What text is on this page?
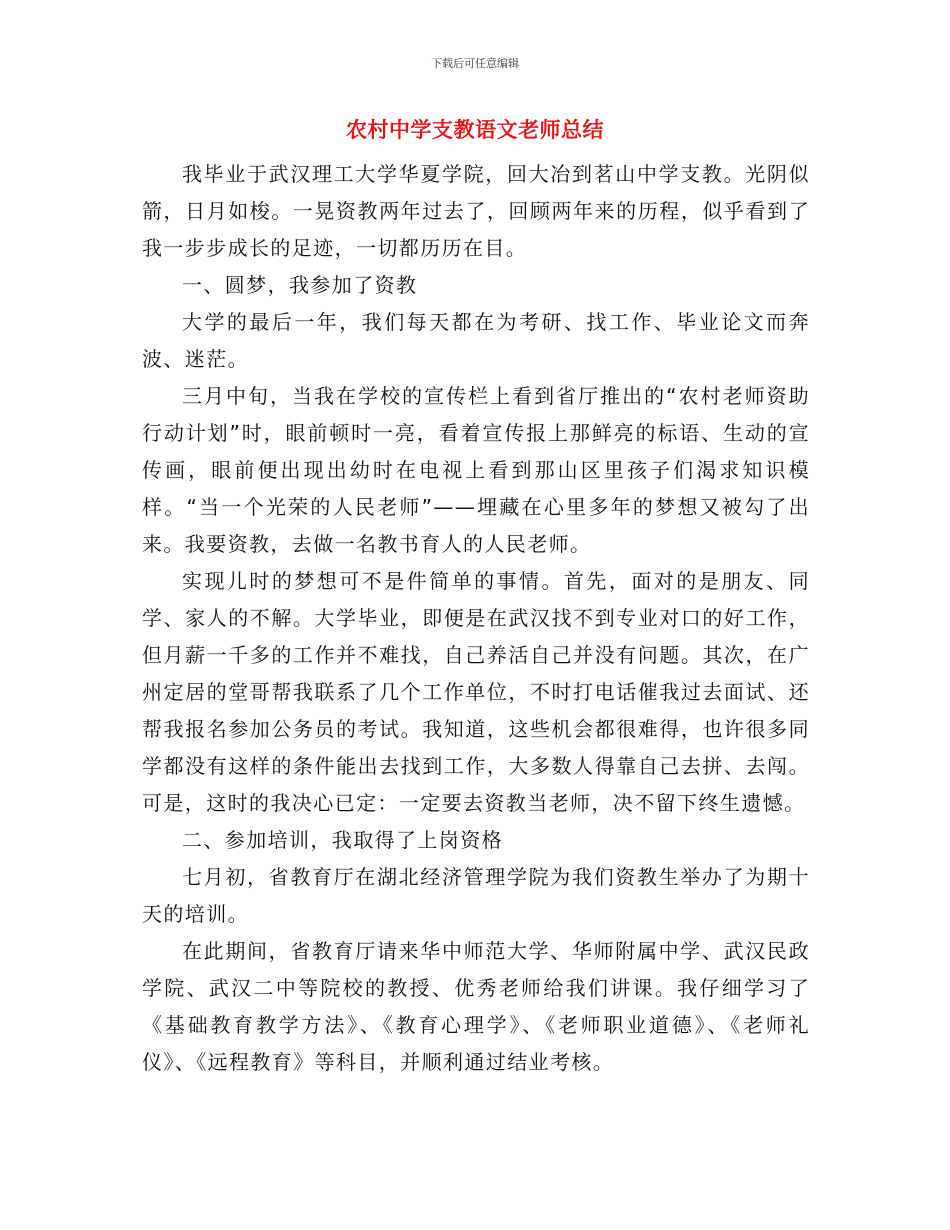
下载后可任意编辑
农村中学支教语文老师总结

我毕业于武汉理工大学华夏学院，回大冶到茗山中学支教。光阴似箭，日月如梭。一晃资教两年过去了，回顾两年来的历程，似乎看到了我一步步成长的足迹，一切都历历在目。

一、圆梦，我参加了资教

大学的最后一年，我们每天都在为考研、找工作、毕业论文而奔波、迷茫。

三月中旬，当我在学校的宣传栏上看到省厅推出的“农村老师资助行动计划”时，眼前顿时一亮，看着宣传报上那鲜亮的标语、生动的宣传画，眼前便出现出幼时在电视上看到那山区里孩子们渴求知识模样。“当一个光荣的人民老师”——埋藏在心里多年的梦想又被勾了出来。我要资教，去做一名教书育人的人民老师。

实现儿时的梦想可不是件简单的事情。首先，面对的是朋友、同学、家人的不解。大学毕业，即便是在武汉找不到专业对口的好工作，但月薪一千多的工作并不难找，自己养活自己并没有问题。其次，在广州定居的堂哥帮我联系了几个工作单位，不时打电话催我过去面试、还帮我报名参加公务员的考试。我知道，这些机会都很难得，也许很多同学都没有这样的条件能出去找到工作，大多数人得靠自己去拼、去闯。可是，这时的我决心已定：一定要去资教当老师，决不留下终生遗憾。

二、参加培训，我取得了上岗资格

七月初，省教育厅在湖北经济管理学院为我们资教生举办了为期十天的培训。

在此期间，省教育厅请来华中师范大学、华师附属中学、武汉民政学院、武汉二中等院校的教授、优秀老师给我们讲课。我仔细学习了《基础教育教学方法》、《教育心理学》、《老师职业道德》、《老师礼仪》、《远程教育》等科目，并顺利通过结业考核。
